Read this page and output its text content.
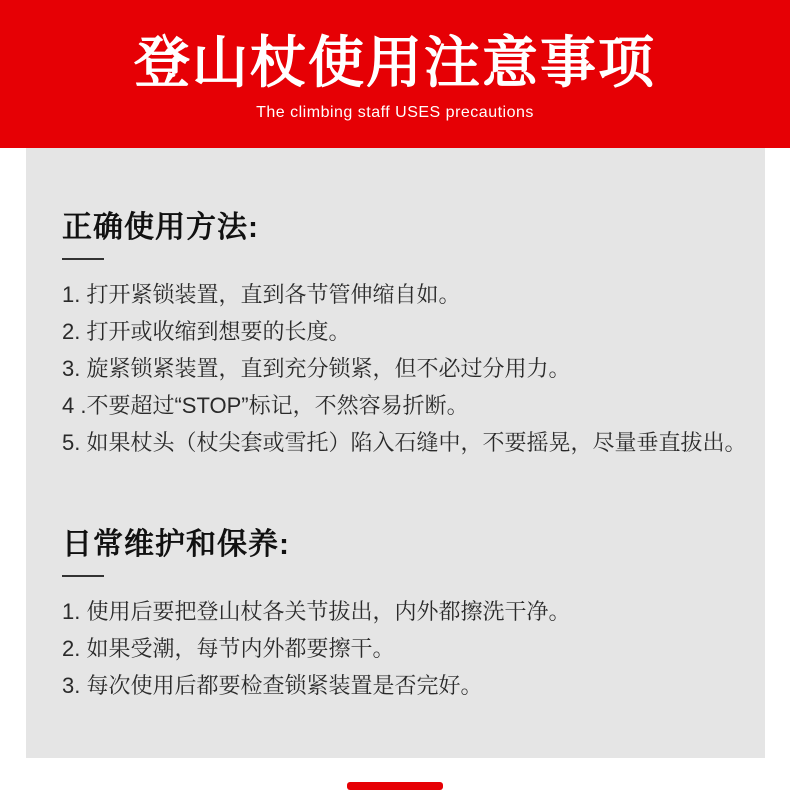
登山杖使用注意事项
The climbing staff USES precautions
正确使用方法:
1. 打开紧锁装置，直到各节管伸缩自如。
2. 打开或收缩到想要的长度。
3. 旋紧锁紧装置，直到充分锁紧，但不必过分用力。
4 .不要超过“STOP”标记，不然容易折断。
5. 如果杖头（杖尖套或雪托）陷入石缝中，不要摇晃，尽量垂直拔出。
日常维护和保养:
1. 使用后要把登山杖各关节拔出，内外都擦洗干净。
2. 如果受潮，每节内外都要擦干。
3. 每次使用后都要检查锁紧装置是否完好。
